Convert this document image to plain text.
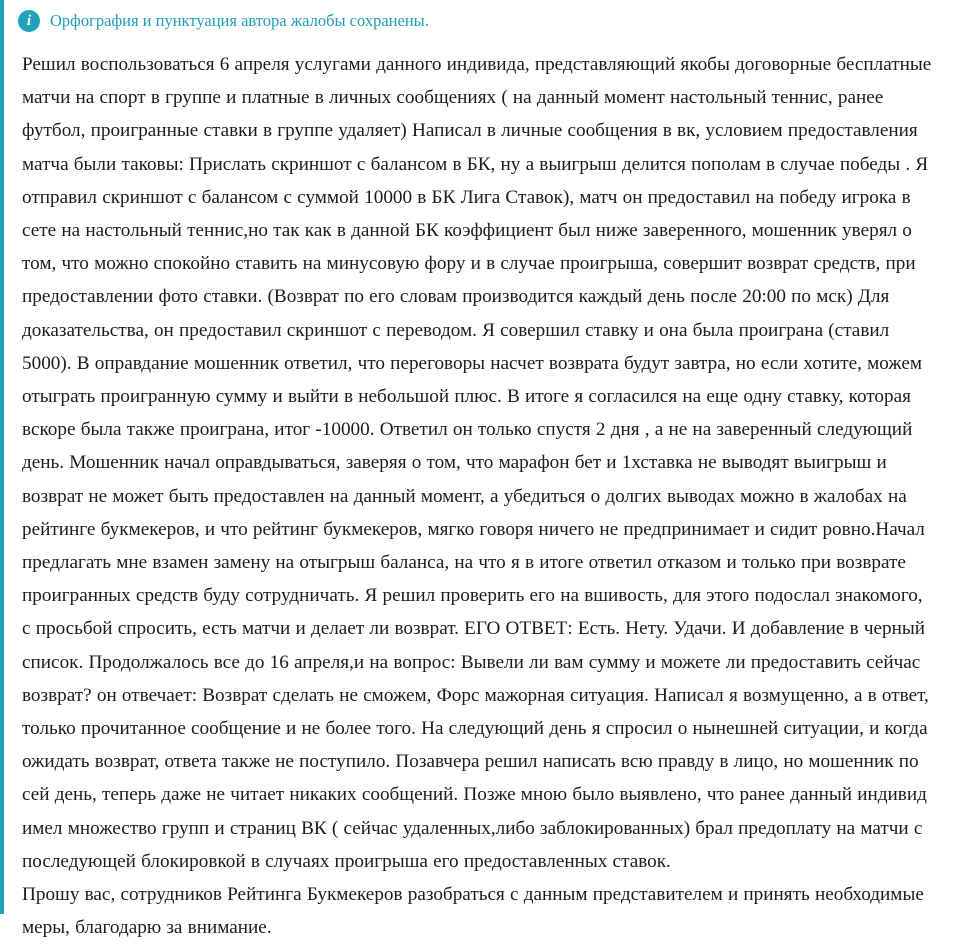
i	Орфография и пунктуация автора жалобы сохранены.

Решил воспользоваться 6 апреля услугами данного индивида, представляющий якобы договорные бесплатные матчи на спорт в группе и платные в личных сообщениях ( на данный момент настольный теннис, ранее футбол, проигранные ставки в группе удаляет) Написал в личные сообщения в вк, условием предоставления матча были таковы: Прислать скриншот с балансом в БК, ну а выигрыш делится пополам в случае победы . Я отправил скриншот с балансом с суммой 10000 в БК Лига Ставок), матч он предоставил на победу игрока в сете на настольный теннис,но так как в данной БК коэффициент был ниже заверенного, мошенник уверял о том, что можно спокойно ставить на минусовую фору и в случае проигрыша, совершит возврат средств, при предоставлении фото ставки. (Возврат по его словам производится каждый день после 20:00 по мск) Для доказательства, он предоставил скриншот с переводом. Я совершил ставку и она была проиграна (ставил 5000). В оправдание мошенник ответил, что переговоры насчет возврата будут завтра, но если хотите, можем отыграть проигранную сумму и выйти в небольшой плюс. В итоге я согласился на еще одну ставку, которая вскоре была также проиграна, итог -10000. Ответил он только спустя 2 дня , а не на заверенный следующий день. Мошенник начал оправдываться, заверяя о том, что марафон бет и 1хставка не выводят выигрыш и возврат не может быть предоставлен на данный момент, а убедиться о долгих выводах можно в жалобах на рейтинге букмекеров, и что рейтинг букмекеров, мягко говоря ничего не предпринимает и сидит ровно.Начал предлагать мне взамен замену на отыгрыш баланса, на что я в итоге ответил отказом и только при возврате проигранных средств буду сотрудничать. Я решил проверить его на вшивость, для этого подослал знакомого, с просьбой спросить, есть матчи и делает ли возврат. ЕГО ОТВЕТ: Есть. Нету. Удачи. И добавление в черный список. Продолжалось все до 16 апреля,и на вопрос: Вывели ли вам сумму и можете ли предоставить сейчас возврат? он отвечает: Возврат сделать не сможем, Форс мажорная ситуация. Написал я возмущенно, а в ответ, только прочитанное сообщение и не более того. На следующий день я спросил о нынешней ситуации, и когда ожидать возврат, ответа также не поступило. Позавчера решил написать всю правду в лицо, но мошенник по сей день, теперь даже не читает никаких сообщений. Позже мною было выявлено, что ранее данный индивид имел множество групп и страниц ВК ( сейчас удаленных,либо заблокированных) брал предоплату на матчи с последующей блокировкой в случаях проигрыша его предоставленных ставок.

Прошу вас, сотрудников Рейтинга Букмекеров разобраться с данным представителем и принять необходимые меры, благодарю за внимание.
